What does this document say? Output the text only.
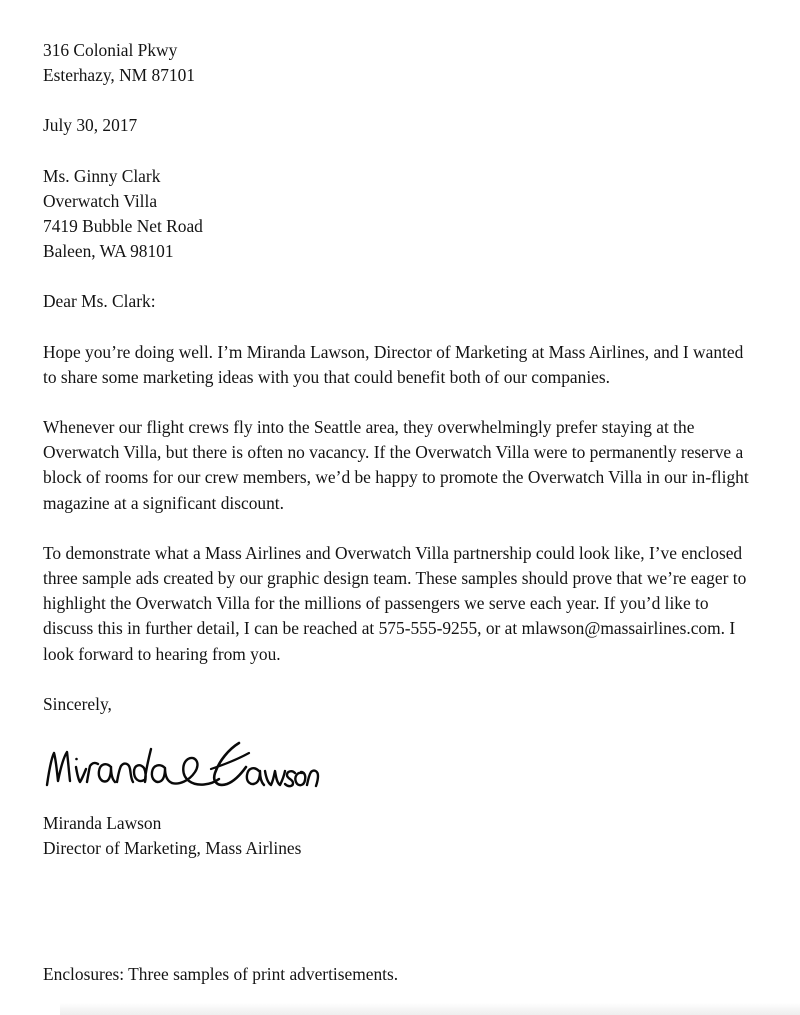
316 Colonial Pkwy
Esterhazy, NM 87101
July 30, 2017
Ms. Ginny Clark
Overwatch Villa
7419 Bubble Net Road
Baleen, WA 98101
Dear Ms. Clark:

Hope you’re doing well. I’m Miranda Lawson, Director of Marketing at Mass Airlines, and I wanted to share some marketing ideas with you that could benefit both of our companies.

Whenever our flight crews fly into the Seattle area, they overwhelmingly prefer staying at the Overwatch Villa, but there is often no vacancy. If the Overwatch Villa were to permanently reserve a block of rooms for our crew members, we’d be happy to promote the Overwatch Villa in our in-flight magazine at a significant discount.

To demonstrate what a Mass Airlines and Overwatch Villa partnership could look like, I’ve enclosed three sample ads created by our graphic design team. These samples should prove that we’re eager to highlight the Overwatch Villa for the millions of passengers we serve each year. If you’d like to discuss this in further detail, I can be reached at 575-555-9255, or at mlawson@massairlines.com. I look forward to hearing from you.

Sincerely,
Miranda Lawson
Director of Marketing, Mass Airlines
Enclosures: Three samples of print advertisements.
